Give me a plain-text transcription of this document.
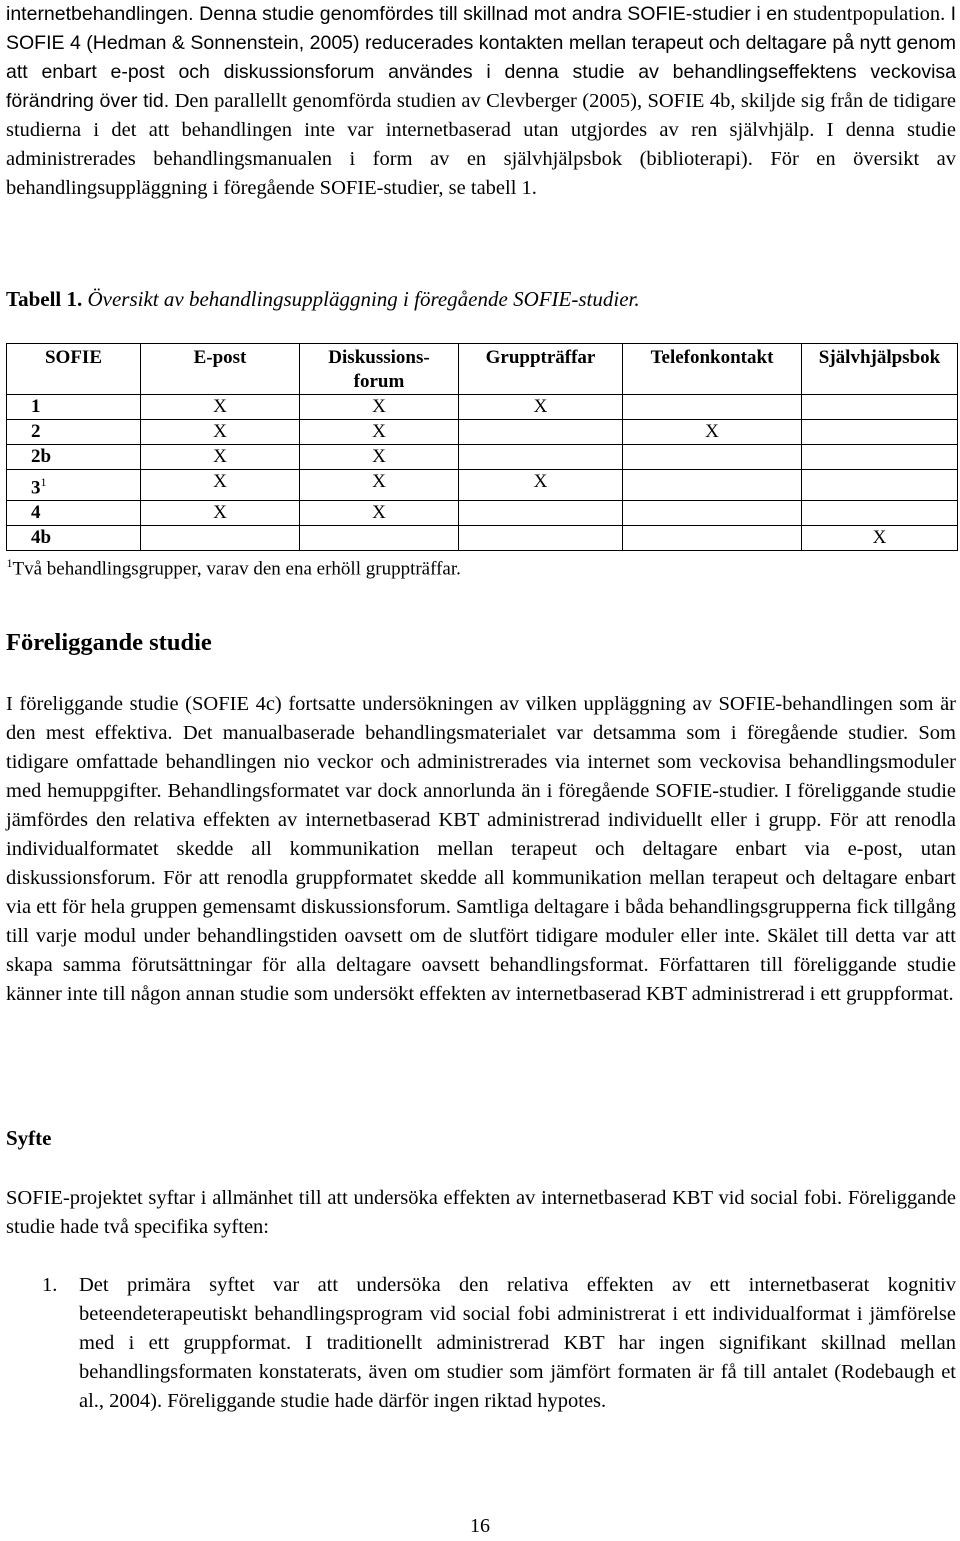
internetbehandlingen. Denna studie genomfördes till skillnad mot andra SOFIE-studier i en studentpopulation. I SOFIE 4 (Hedman & Sonnenstein, 2005) reducerades kontakten mellan terapeut och deltagare på nytt genom att enbart e-post och diskussionsforum användes i denna studie av behandlingseffektens veckovisa förändring över tid. Den parallellt genomförda studien av Clevberger (2005), SOFIE 4b, skiljde sig från de tidigare studierna i det att behandlingen inte var internetbaserad utan utgjordes av ren självhjälp. I denna studie administrerades behandlingsmanualen i form av en självhjälpsbok (biblioterapi). För en översikt av behandlingsuppläggning i föregående SOFIE-studier, se tabell 1.

Tabell 1. Översikt av behandlingsuppläggning i föregående SOFIE-studier.
SOFIE	E-post	Diskussions-forum	Gruppträffar	Telefonkontakt	Självhjälpsbok
1	X	X	X		
2	X	X		X	
2b	X	X			
$3^1$	X	X	X		
4	X	X			
4b					X
$^1$Två behandlingsgrupper, varav den ena erhöll gruppträffar.					
Föreliggande studie

I föreliggande studie (SOFIE 4c) fortsatte undersökningen av vilken uppläggning av SOFIE-behandlingen som är den mest effektiva. Det manualbaserade behandlingsmaterialet var detsamma som i föregående studier. Som tidigare omfattade behandlingen nio veckor och administrerades via internet som veckovisa behandlingsmoduler med hemuppgifter. Behandlingsformatet var dock annorlunda än i föregående SOFIE-studier. I föreliggande studie jämfördes den relativa effekten av internetbaserad KBT administrerad individuellt eller i grupp. För att renodla individualformatet skedde all kommunikation mellan terapeut och deltagare enbart via e-post, utan diskussionsforum. För att renodla gruppformatet skedde all kommunikation mellan terapeut och deltagare enbart via ett för hela gruppen gemensamt diskussionsforum. Samtliga deltagare i båda behandlingsgrupperna fick tillgång till varje modul under behandlingstiden oavsett om de slutfört tidigare moduler eller inte. Skälet till detta var att skapa samma förutsättningar för alla deltagare oavsett behandlingsformat. Författaren till föreliggande studie känner inte till någon annan studie som undersökt effekten av internetbaserad KBT administrerad i ett gruppformat.

Syfte

SOFIE-projektet syftar i allmänhet till att undersöka effekten av internetbaserad KBT vid social fobi. Föreliggande studie hade två specifika syften:

1. Det primära syftet var att undersöka den relativa effekten av ett internetbaserat kognitiv beteendeterapeutiskt behandlingsprogram vid social fobi administrerat i ett individualformat i jämförelse med i ett gruppformat. I traditionellt administrerad KBT har ingen signifikant skillnad mellan behandlingsformaten konstaterats, även om studier som jämfört formaten är få till antalet (Rodebaugh et al., 2004). Föreliggande studie hade därför ingen riktad hypotes.
16
